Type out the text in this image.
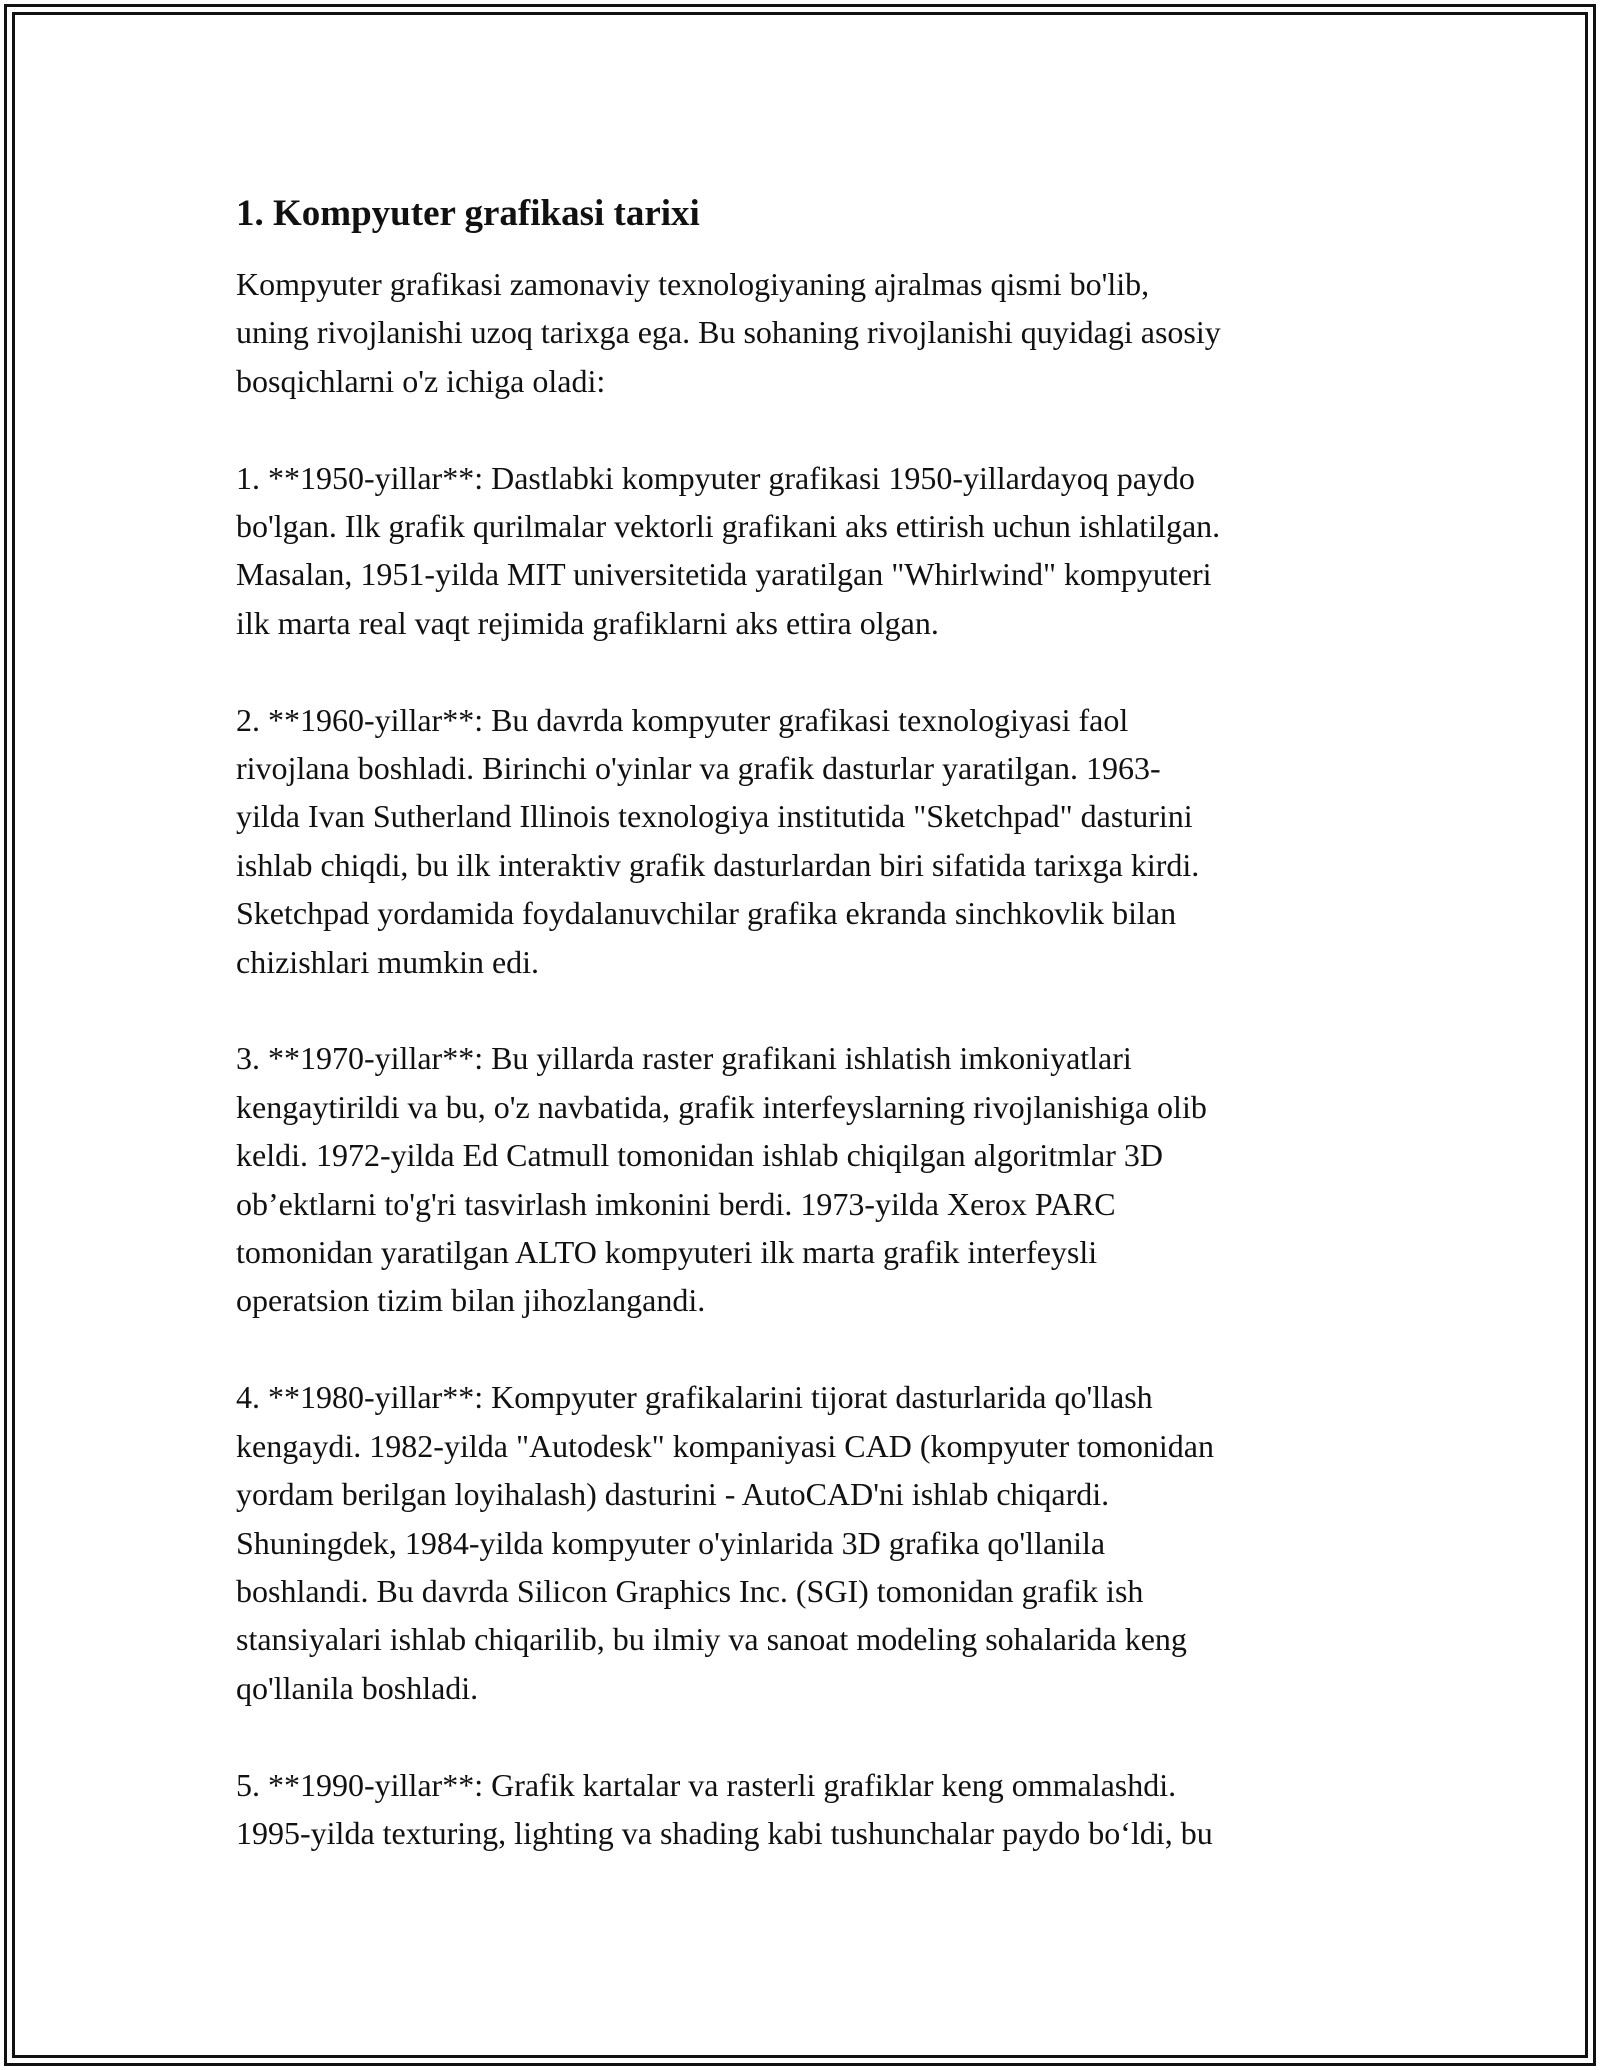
1. Kompyuter grafikasi tarixi

Kompyuter grafikasi zamonaviy texnologiyaning ajralmas qismi bo'lib,
uning rivojlanishi uzoq tarixga ega. Bu sohaning rivojlanishi quyidagi asosiy
bosqichlarni o'z ichiga oladi:

1. **1950-yillar**: Dastlabki kompyuter grafikasi 1950-yillardayoq paydo
bo'lgan. Ilk grafik qurilmalar vektorli grafikani aks ettirish uchun ishlatilgan.
Masalan, 1951-yilda MIT universitetida yaratilgan "Whirlwind" kompyuteri
ilk marta real vaqt rejimida grafiklarni aks ettira olgan.

2. **1960-yillar**: Bu davrda kompyuter grafikasi texnologiyasi faol
rivojlana boshladi. Birinchi o'yinlar va grafik dasturlar yaratilgan. 1963-
yilda Ivan Sutherland Illinois texnologiya institutida "Sketchpad" dasturini
ishlab chiqdi, bu ilk interaktiv grafik dasturlardan biri sifatida tarixga kirdi.
Sketchpad yordamida foydalanuvchilar grafika ekranda sinchkovlik bilan
chizishlari mumkin edi.

3. **1970-yillar**: Bu yillarda raster grafikani ishlatish imkoniyatlari
kengaytirildi va bu, o'z navbatida, grafik interfeyslarning rivojlanishiga olib
keldi. 1972-yilda Ed Catmull tomonidan ishlab chiqilgan algoritmlar 3D
ob’ektlarni to'g'ri tasvirlash imkonini berdi. 1973-yilda Xerox PARC
tomonidan yaratilgan ALTO kompyuteri ilk marta grafik interfeysli
operatsion tizim bilan jihozlangandi.

4. **1980-yillar**: Kompyuter grafikalarini tijorat dasturlarida qo'llash
kengaydi. 1982-yilda "Autodesk" kompaniyasi CAD (kompyuter tomonidan
yordam berilgan loyihalash) dasturini - AutoCAD'ni ishlab chiqardi.
Shuningdek, 1984-yilda kompyuter o'yinlarida 3D grafika qo'llanila
boshlandi. Bu davrda Silicon Graphics Inc. (SGI) tomonidan grafik ish
stansiyalari ishlab chiqarilib, bu ilmiy va sanoat modeling sohalarida keng
qo'llanila boshladi.

5. **1990-yillar**: Grafik kartalar va rasterli grafiklar keng ommalashdi.
1995-yilda texturing, lighting va shading kabi tushunchalar paydo bo‘ldi, bu
